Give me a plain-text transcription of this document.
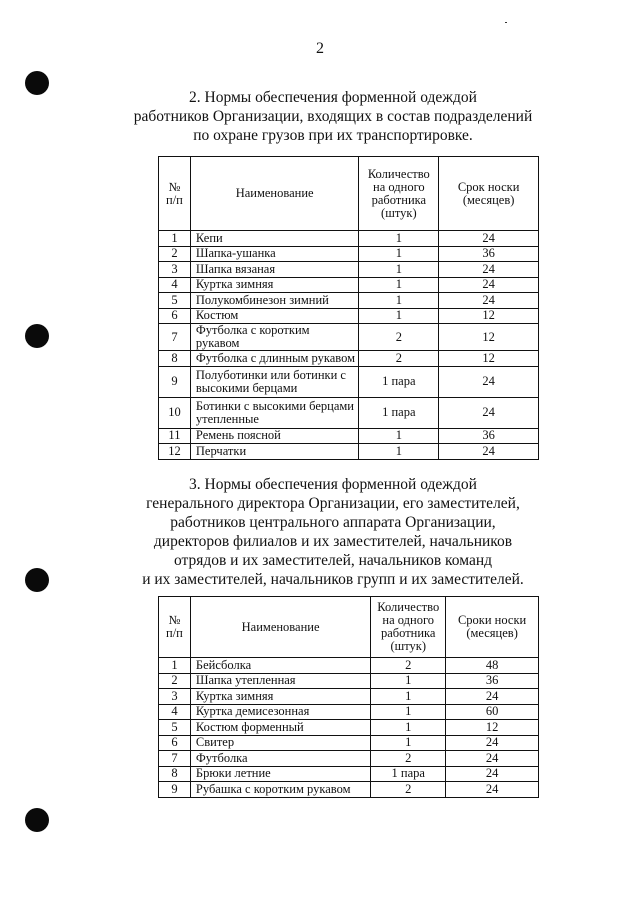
2
2. Нормы обеспечения форменной одеждой
работников Организации, входящих в состав подразделений
по охране грузов при их транспортировке.
№ п/п	Наименование	Количество на одного работника (штук)	Срок носки (месяцев)
1	Кепи	1	24
2	Шапка-ушанка	1	36
3	Шапка вязаная	1	24
4	Куртка зимняя	1	24
5	Полукомбинезон зимний	1	24
6	Костюм	1	12
7	Футболка с коротким рукавом	2	12
8	Футболка с длинным рукавом	2	12
9	Полуботинки или ботинки с высокими берцами	1 пара	24
10	Ботинки с высокими берцами утепленные	1 пара	24
11	Ремень поясной	1	36
12	Перчатки	1	24
3. Нормы обеспечения форменной одеждой
генерального директора Организации, его заместителей,
работников центрального аппарата Организации,
директоров филиалов и их заместителей, начальников
отрядов и их заместителей, начальников команд
и их заместителей, начальников групп и их заместителей.
№ п/п	Наименование	Количество на одного работника (штук)	Сроки носки (месяцев)
1	Бейсболка	2	48
2	Шапка утепленная	1	36
3	Куртка зимняя	1	24
4	Куртка демисезонная	1	60
5	Костюм форменный	1	12
6	Свитер	1	24
7	Футболка	2	24
8	Брюки летние	1 пара	24
9	Рубашка с коротким рукавом	2	24
